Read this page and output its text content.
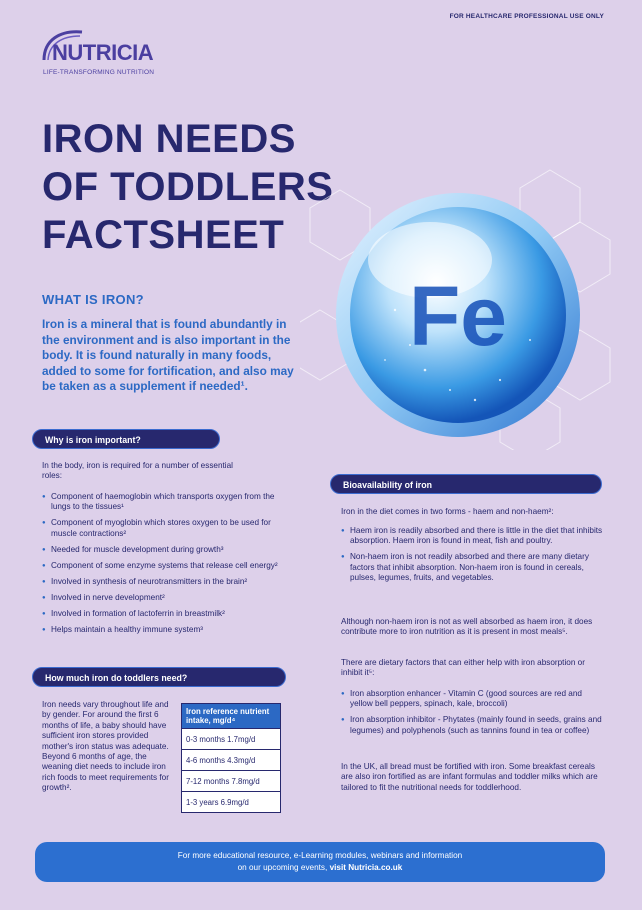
FOR HEALTHCARE PROFESSIONAL USE ONLY
NUTRICIA
LIFE-TRANSFORMING NUTRITION
IRON NEEDS
OF TODDLERS
FACTSHEET
Fe
WHAT IS IRON?
Iron is a mineral that is found abundantly in the environment and is also important in the body. It is found naturally in many foods, added to some for fortification, and also may be taken as a supplement if needed¹.
Why is iron important?
In the body, iron is required for a number of essential roles:
● Component of haemoglobin which transports oxygen from the lungs to the tissues¹
● Component of myoglobin which stores oxygen to be used for muscle contractions²
● Needed for muscle development during growth³
● Component of some enzyme systems that release cell energy²
● Involved in synthesis of neurotransmitters in the brain²
● Involved in nerve development²
● Involved in formation of lactoferrin in breastmilk²
● Helps maintain a healthy immune system³
How much iron do toddlers need?
Iron needs vary throughout life and by gender. For around the first 6 months of life, a baby should have sufficient iron stores provided mother's iron status was adequate. Beyond 6 months of age, the weaning diet needs to include iron rich foods to meet requirements for growth².
Iron reference nutrient intake, mg/d⁴
0-3 months 1.7mg/d
4-6 months 4.3mg/d
7-12 months 7.8mg/d
1-3 years 6.9mg/d
Bioavailability of iron
Iron in the diet comes in two forms - haem and non-haem²:
● Haem iron is readily absorbed and there is little in the diet that inhibits absorption. Haem iron is found in meat, fish and poultry.
● Non-haem iron is not readily absorbed and there are many dietary factors that inhibit absorption. Non-haem iron is found in cereals, pulses, legumes, fruits, and vegetables.
Although non-haem iron is not as well absorbed as haem iron, it does contribute more to iron nutrition as it is present in most meals⁵.
There are dietary factors that can either help with iron absorption or inhibit it⁵:
● Iron absorption enhancer - Vitamin C (good sources are red and yellow bell peppers, spinach, kale, broccoli)
● Iron absorption inhibitor - Phytates (mainly found in seeds, grains and legumes) and polyphenols (such as tannins found in tea or coffee)
In the UK, all bread must be fortified with iron. Some breakfast cereals are also iron fortified as are infant formulas and toddler milks which are tailored to fit the nutritional needs for toddlerhood.
For more educational resource, e-Learning modules, webinars and information
on our upcoming events, visit Nutricia.co.uk
